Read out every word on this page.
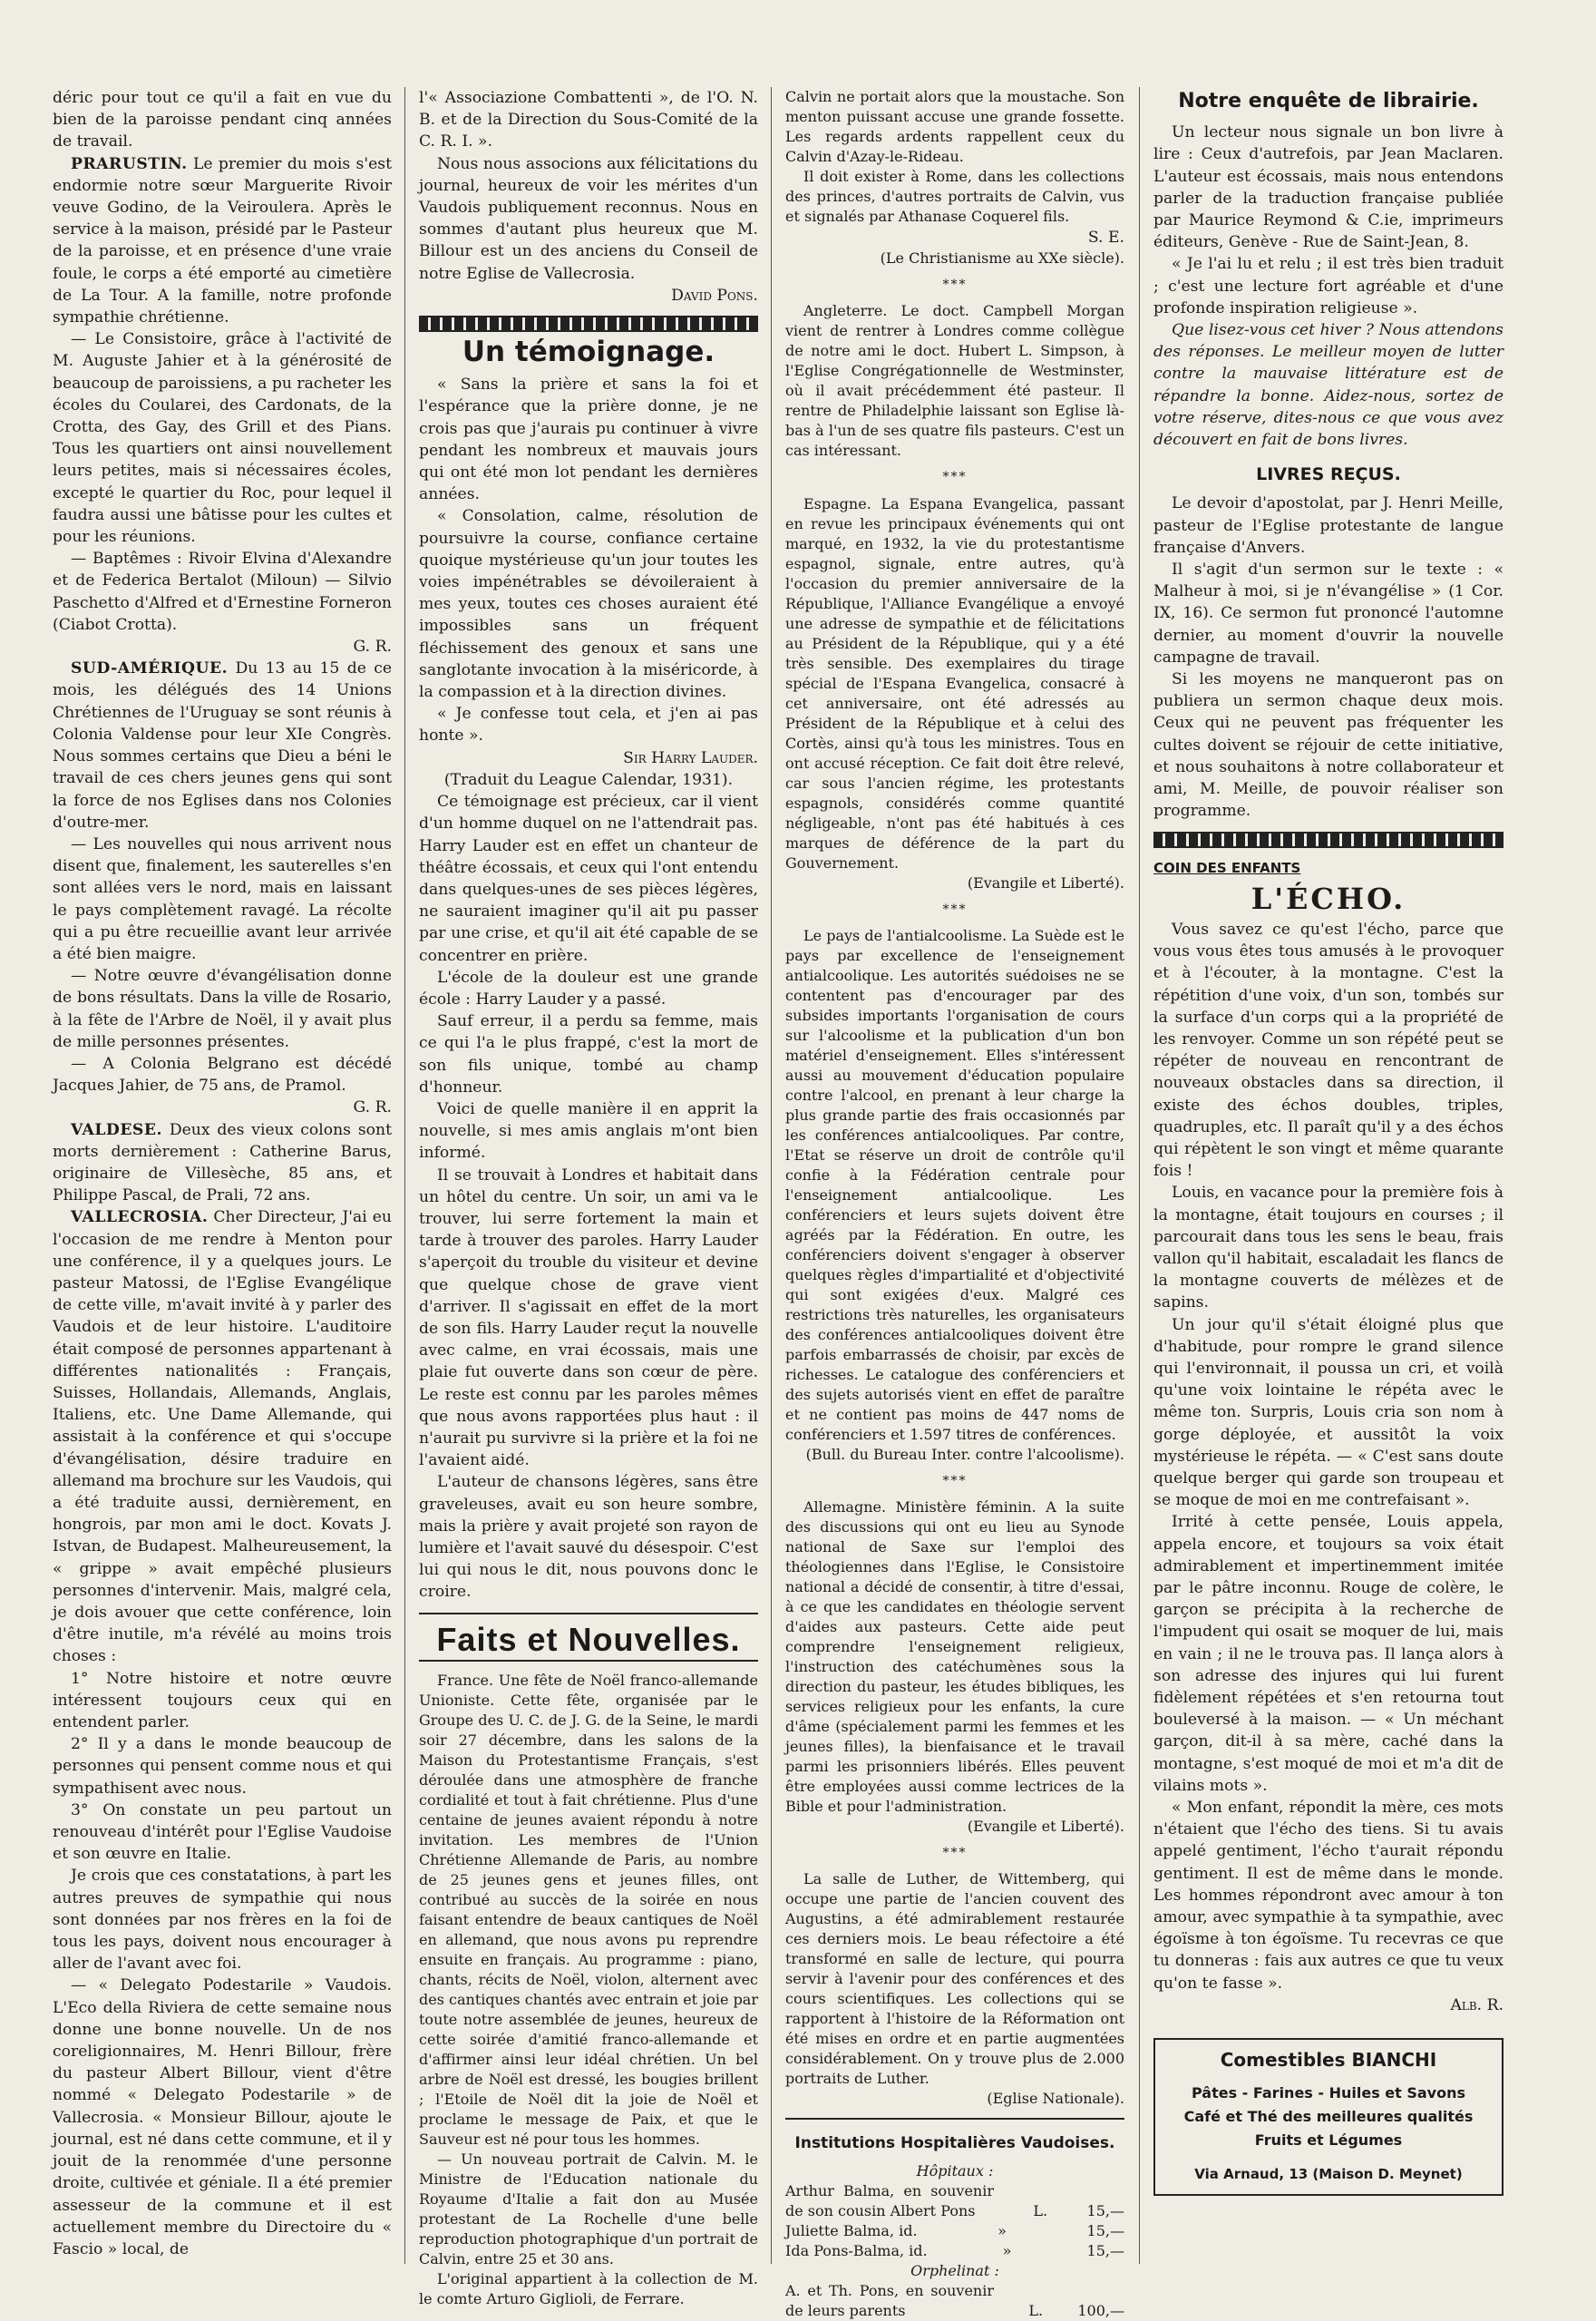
déric pour tout ce qu'il a fait en vue du bien de la paroisse pendant cinq années de travail.

PRARUSTIN. Le premier du mois s'est endormie notre sœur Marguerite Rivoir veuve Godino, de la Veiroulera. Après le service à la maison, présidé par le Pasteur de la paroisse, et en présence d'une vraie foule, le corps a été emporté au cimetière de La Tour. A la famille, notre profonde sympathie chrétienne.

— Le Consistoire, grâce à l'activité de M. Auguste Jahier et à la générosité de beaucoup de paroissiens, a pu racheter les écoles du Coularei, des Cardonats, de la Crotta, des Gay, des Grill et des Pians. Tous les quartiers ont ainsi nouvellement leurs petites, mais si nécessaires écoles, excepté le quartier du Roc, pour lequel il faudra aussi une bâtisse pour les cultes et pour les réunions.

— Baptêmes : Rivoir Elvina d'Alexandre et de Federica Bertalot (Miloun) — Silvio Paschetto d'Alfred et d'Ernestine Forneron (Ciabot Crotta).

G. R.

SUD-AMÉRIQUE. Du 13 au 15 de ce mois, les délégués des 14 Unions Chrétiennes de l'Uruguay se sont réunis à Colonia Valdense pour leur XIe Congrès. Nous sommes certains que Dieu a béni le travail de ces chers jeunes gens qui sont la force de nos Eglises dans nos Colonies d'outre-mer.

— Les nouvelles qui nous arrivent nous disent que, finalement, les sauterelles s'en sont allées vers le nord, mais en laissant le pays complètement ravagé. La récolte qui a pu être recueillie avant leur arrivée a été bien maigre.

— Notre œuvre d'évangélisation donne de bons résultats. Dans la ville de Rosario, à la fête de l'Arbre de Noël, il y avait plus de mille personnes présentes.

— A Colonia Belgrano est décédé Jacques Jahier, de 75 ans, de Pramol.

G. R.

VALDESE. Deux des vieux colons sont morts dernièrement : Catherine Barus, originaire de Villesèche, 85 ans, et Philippe Pascal, de Prali, 72 ans.

VALLECROSIA. Cher Directeur, J'ai eu l'occasion de me rendre à Menton pour une conférence, il y a quelques jours. Le pasteur Matossi, de l'Eglise Evangélique de cette ville, m'avait invité à y parler des Vaudois et de leur histoire. L'auditoire était composé de personnes appartenant à différentes nationalités : Français, Suisses, Hollandais, Allemands, Anglais, Italiens, etc. Une Dame Allemande, qui assistait à la conférence et qui s'occupe d'évangélisation, désire traduire en allemand ma brochure sur les Vaudois, qui a été traduite aussi, dernièrement, en hongrois, par mon ami le doct. Kovats J. Istvan, de Budapest. Malheureusement, la « grippe » avait empêché plusieurs personnes d'intervenir. Mais, malgré cela, je dois avouer que cette conférence, loin d'être inutile, m'a révélé au moins trois choses :

1° Notre histoire et notre œuvre intéressent toujours ceux qui en entendent parler.

2° Il y a dans le monde beaucoup de personnes qui pensent comme nous et qui sympathisent avec nous.

3° On constate un peu partout un renouveau d'intérêt pour l'Eglise Vaudoise et son œuvre en Italie.

Je crois que ces constatations, à part les autres preuves de sympathie qui nous sont données par nos frères en la foi de tous les pays, doivent nous encourager à aller de l'avant avec foi.

— « Delegato Podestarile » Vaudois. L'Eco della Riviera de cette semaine nous donne une bonne nouvelle. Un de nos coreligionnaires, M. Henri Billour, frère du pasteur Albert Billour, vient d'être nommé « Delegato Podestarile » de Vallecrosia. « Monsieur Billour, ajoute le journal, est né dans cette commune, et il y jouit de la renommée d'une personne droite, cultivée et géniale. Il a été premier assesseur de la commune et il est actuellement membre du Directoire du « Fascio » local, de

l'« Associazione Combattenti », de l'O. N. B. et de la Direction du Sous-Comité de la C. R. I. ».

Nous nous associons aux félicitations du journal, heureux de voir les mérites d'un Vaudois publiquement reconnus. Nous en sommes d'autant plus heureux que M. Billour est un des anciens du Conseil de notre Eglise de Vallecrosia.

David Pons.

Un témoignage.

« Sans la prière et sans la foi et l'espérance que la prière donne, je ne crois pas que j'aurais pu continuer à vivre pendant les nombreux et mauvais jours qui ont été mon lot pendant les dernières années.

« Consolation, calme, résolution de poursuivre la course, confiance certaine quoique mystérieuse qu'un jour toutes les voies impénétrables se dévoileraient à mes yeux, toutes ces choses auraient été impossibles sans un fréquent fléchissement des genoux et sans une sanglotante invocation à la miséricorde, à la compassion et à la direction divines.

« Je confesse tout cela, et j'en ai pas honte ».

Sir Harry Lauder.

(Traduit du League Calendar, 1931).

Ce témoignage est précieux, car il vient d'un homme duquel on ne l'attendrait pas. Harry Lauder est en effet un chanteur de théâtre écossais, et ceux qui l'ont entendu dans quelques-unes de ses pièces légères, ne sauraient imaginer qu'il ait pu passer par une crise, et qu'il ait été capable de se concentrer en prière.

L'école de la douleur est une grande école : Harry Lauder y a passé.

Sauf erreur, il a perdu sa femme, mais ce qui l'a le plus frappé, c'est la mort de son fils unique, tombé au champ d'honneur.

Voici de quelle manière il en apprit la nouvelle, si mes amis anglais m'ont bien informé.

Il se trouvait à Londres et habitait dans un hôtel du centre. Un soir, un ami va le trouver, lui serre fortement la main et tarde à trouver des paroles. Harry Lauder s'aperçoit du trouble du visiteur et devine que quelque chose de grave vient d'arriver. Il s'agissait en effet de la mort de son fils. Harry Lauder reçut la nouvelle avec calme, en vrai écossais, mais une plaie fut ouverte dans son cœur de père. Le reste est connu par les paroles mêmes que nous avons rapportées plus haut : il n'aurait pu survivre si la prière et la foi ne l'avaient aidé.

L'auteur de chansons légères, sans être graveleuses, avait eu son heure sombre, mais la prière y avait projeté son rayon de lumière et l'avait sauvé du désespoir. C'est lui qui nous le dit, nous pouvons donc le croire.

Faits et Nouvelles.

France. Une fête de Noël franco-allemande Unioniste. Cette fête, organisée par le Groupe des U. C. de J. G. de la Seine, le mardi soir 27 décembre, dans les salons de la Maison du Protestantisme Français, s'est déroulée dans une atmosphère de franche cordialité et tout à fait chrétienne. Plus d'une centaine de jeunes avaient répondu à notre invitation. Les membres de l'Union Chrétienne Allemande de Paris, au nombre de 25 jeunes gens et jeunes filles, ont contribué au succès de la soirée en nous faisant entendre de beaux cantiques de Noël en allemand, que nous avons pu reprendre ensuite en français. Au programme : piano, chants, récits de Noël, violon, alternent avec des cantiques chantés avec entrain et joie par toute notre assemblée de jeunes, heureux de cette soirée d'amitié franco-allemande et d'affirmer ainsi leur idéal chrétien. Un bel arbre de Noël est dressé, les bougies brillent ; l'Etoile de Noël dit la joie de Noël et proclame le message de Paix, et que le Sauveur est né pour tous les hommes.

— Un nouveau portrait de Calvin. M. le Ministre de l'Education nationale du Royaume d'Italie a fait don au Musée protestant de La Rochelle d'une belle reproduction photographique d'un portrait de Calvin, entre 25 et 30 ans.

L'original appartient à la collection de M. le comte Arturo Giglioli, de Ferrare.

Calvin ne portait alors que la moustache. Son menton puissant accuse une grande fossette. Les regards ardents rappellent ceux du Calvin d'Azay-le-Rideau.

Il doit exister à Rome, dans les collections des princes, d'autres portraits de Calvin, vus et signalés par Athanase Coquerel fils.

S. E.

(Le Christianisme au XXe siècle).

***

Angleterre. Le doct. Campbell Morgan vient de rentrer à Londres comme collègue de notre ami le doct. Hubert L. Simpson, à l'Eglise Congrégationnelle de Westminster, où il avait précédemment été pasteur. Il rentre de Philadelphie laissant son Eglise là-bas à l'un de ses quatre fils pasteurs. C'est un cas intéressant.

***

Espagne. La Espana Evangelica, passant en revue les principaux événements qui ont marqué, en 1932, la vie du protestantisme espagnol, signale, entre autres, qu'à l'occasion du premier anniversaire de la République, l'Alliance Evangélique a envoyé une adresse de sympathie et de félicitations au Président de la République, qui y a été très sensible. Des exemplaires du tirage spécial de l'Espana Evangelica, consacré à cet anniversaire, ont été adressés au Président de la République et à celui des Cortès, ainsi qu'à tous les ministres. Tous en ont accusé réception. Ce fait doit être relevé, car sous l'ancien régime, les protestants espagnols, considérés comme quantité négligeable, n'ont pas été habitués à ces marques de déférence de la part du Gouvernement.

(Evangile et Liberté).

***

Le pays de l'antialcoolisme. La Suède est le pays par excellence de l'enseignement antialcoolique. Les autorités suédoises ne se contentent pas d'encourager par des subsides importants l'organisation de cours sur l'alcoolisme et la publication d'un bon matériel d'enseignement. Elles s'intéressent aussi au mouvement d'éducation populaire contre l'alcool, en prenant à leur charge la plus grande partie des frais occasionnés par les conférences antialcooliques. Par contre, l'Etat se réserve un droit de contrôle qu'il confie à la Fédération centrale pour l'enseignement antialcoolique. Les conférenciers et leurs sujets doivent être agréés par la Fédération. En outre, les conférenciers doivent s'engager à observer quelques règles d'impartialité et d'objectivité qui sont exigées d'eux. Malgré ces restrictions très naturelles, les organisateurs des conférences antialcooliques doivent être parfois embarrassés de choisir, par excès de richesses. Le catalogue des conférenciers et des sujets autorisés vient en effet de paraître et ne contient pas moins de 447 noms de conférenciers et 1.597 titres de conférences.

(Bull. du Bureau Inter. contre l'alcoolisme).

***

Allemagne. Ministère féminin. A la suite des discussions qui ont eu lieu au Synode national de Saxe sur l'emploi des théologiennes dans l'Eglise, le Consistoire national a décidé de consentir, à titre d'essai, à ce que les candidates en théologie servent d'aides aux pasteurs. Cette aide peut comprendre l'enseignement religieux, l'instruction des catéchumènes sous la direction du pasteur, les études bibliques, les services religieux pour les enfants, la cure d'âme (spécialement parmi les femmes et les jeunes filles), la bienfaisance et le travail parmi les prisonniers libérés. Elles peuvent être employées aussi comme lectrices de la Bible et pour l'administration.

(Evangile et Liberté).

***

La salle de Luther, de Wittemberg, qui occupe une partie de l'ancien couvent des Augustins, a été admirablement restaurée ces derniers mois. Le beau réfectoire a été transformé en salle de lecture, qui pourra servir à l'avenir pour des conférences et des cours scientifiques. Les collections qui se rapportent à l'histoire de la Réformation ont été mises en ordre et en partie augmentées considérablement. On y trouve plus de 2.000 portraits de Luther.

(Eglise Nationale).

Institutions Hospitalières Vaudoises.

Hôpitaux :

Arthur Balma, en souvenir de son cousin Albert Pons	L.	15,—
Juliette Balma, id.	»	15,—
Ida Pons-Balma, id.	»	15,—

Orphelinat :

A. et Th. Pons, en souvenir de leurs parents	L. 100,—
Notre enquête de librairie.

Un lecteur nous signale un bon livre à lire : Ceux d'autrefois, par Jean Maclaren. L'auteur est écossais, mais nous entendons parler de la traduction française publiée par Maurice Reymond & C.ie, imprimeurs éditeurs, Genève - Rue de Saint-Jean, 8.

« Je l'ai lu et relu ; il est très bien traduit ; c'est une lecture fort agréable et d'une profonde inspiration religieuse ».

Que lisez-vous cet hiver ? Nous attendons des réponses. Le meilleur moyen de lutter contre la mauvaise littérature est de répandre la bonne. Aidez-nous, sortez de votre réserve, dites-nous ce que vous avez découvert en fait de bons livres.

LIVRES REÇUS.

Le devoir d'apostolat, par J. Henri Meille, pasteur de l'Eglise protestante de langue française d'Anvers.

Il s'agit d'un sermon sur le texte : « Malheur à moi, si je n'évangélise » (1 Cor. IX, 16). Ce sermon fut prononcé l'automne dernier, au moment d'ouvrir la nouvelle campagne de travail.

Si les moyens ne manqueront pas on publiera un sermon chaque deux mois. Ceux qui ne peuvent pas fréquenter les cultes doivent se réjouir de cette initiative, et nous souhaitons à notre collaborateur et ami, M. Meille, de pouvoir réaliser son programme.

COIN DES ENFANTS
L'ÉCHO.

Vous savez ce qu'est l'écho, parce que vous vous êtes tous amusés à le provoquer et à l'écouter, à la montagne. C'est la répétition d'une voix, d'un son, tombés sur la surface d'un corps qui a la propriété de les renvoyer. Comme un son répété peut se répéter de nouveau en rencontrant de nouveaux obstacles dans sa direction, il existe des échos doubles, triples, quadruples, etc. Il paraît qu'il y a des échos qui répètent le son vingt et même quarante fois !

Louis, en vacance pour la première fois à la montagne, était toujours en courses ; il parcourait dans tous les sens le beau, frais vallon qu'il habitait, escaladait les flancs de la montagne couverts de mélèzes et de sapins.

Un jour qu'il s'était éloigné plus que d'habitude, pour rompre le grand silence qui l'environnait, il poussa un cri, et voilà qu'une voix lointaine le répéta avec le même ton. Surpris, Louis cria son nom à gorge déployée, et aussitôt la voix mystérieuse le répéta. — « C'est sans doute quelque berger qui garde son troupeau et se moque de moi en me contrefaisant ».

Irrité à cette pensée, Louis appela, appela encore, et toujours sa voix était admirablement et impertinemment imitée par le pâtre inconnu. Rouge de colère, le garçon se précipita à la recherche de l'impudent qui osait se moquer de lui, mais en vain ; il ne le trouva pas. Il lança alors à son adresse des injures qui lui furent fidèlement répétées et s'en retourna tout bouleversé à la maison. — « Un méchant garçon, dit-il à sa mère, caché dans la montagne, s'est moqué de moi et m'a dit de vilains mots ».

« Mon enfant, répondit la mère, ces mots n'étaient que l'écho des tiens. Si tu avais appelé gentiment, l'écho t'aurait répondu gentiment. Il est de même dans le monde. Les hommes répondront avec amour à ton amour, avec sympathie à ta sympathie, avec égoïsme à ton égoïsme. Tu recevras ce que tu donneras : fais aux autres ce que tu veux qu'on te fasse ».

Alb. R.

Comestibles BIANCHI
Pâtes - Farines - Huiles et Savons
Café et Thé des meilleures qualités
Fruits et Légumes
Via Arnaud, 13 (Maison D. Meynet)
